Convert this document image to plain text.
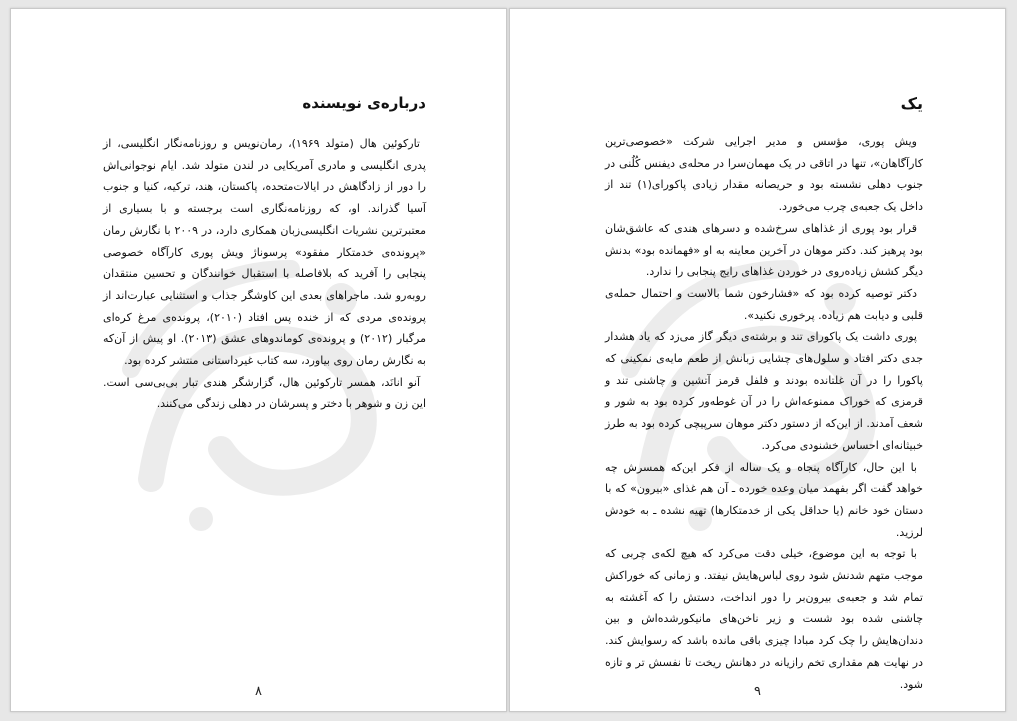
درباره‌ی نویسنده

تارکوئین هال (متولد ۱۹۶۹)، رمان‌نویس و روزنامه‌نگار انگلیسی، از پدری انگلیسی و مادری آمریکایی در لندن متولد شد. ایام نوجوانی‌اش را دور از زادگاهش در ایالات‌متحده، پاکستان، هند، ترکیه، کنیا و جنوب آسیا گذراند. او، که روزنامه‌نگاری است برجسته و با بسیاری از معتبرترین نشریات انگلیسی‌زبان همکاری دارد، در ۲۰۰۹ با نگارش رمان «پرونده‌ی خدمتکار مفقود» پرسوناژ ویش پوری کارآگاه خصوصی پنجابی را آفرید که بلافاصله با استقبال خوانندگان و تحسین منتقدان روبه‌رو شد. ماجراهای بعدی این کاوشگر جذاب و استثنایی عبارت‌اند از پرونده‌ی مردی که از خنده پس افتاد (۲۰۱۰)، پرونده‌ی مرغ کره‌ای مرگبار (۲۰۱۲) و پرونده‌ی کوماندوهای عشق (۲۰۱۳). او پیش از آن‌که به نگارش رمان روی بیاورد، سه کتاب غیرداستانی منتشر کرده بود.

آنو انانَد، همسر تارکوئین هال، گزارشگر هندی تبار بی‌بی‌سی است. این زن و شوهر با دختر و پسرشان در دهلی زندگی می‌کنند.

۸
یک

ویش پوری، مؤسس و مدیر اجرایی شرکت «خصوصی‌ترین کارآگاهان»، تنها در اتاقی در یک مهمان‌سرا در محله‌ی دیفنس کُلُنی در جنوب دهلی نشسته بود و حریصانه مقدار زیادی پاکورای(۱) تند از داخل یک جعبه‌ی چرب می‌خورد.

قرار بود پوری از غذاهای سرخ‌شده و دسرهای هندی که عاشق‌شان بود پرهیز کند. دکتر موهان در آخرین معاینه به او «فهمانده بود» بدنش دیگر کشش زیاده‌روی در خوردن غذاهای رایج پنجابی را ندارد.

دکتر توصیه کرده بود که «فشارخون شما بالاست و احتمال حمله‌ی قلبی و دیابت هم زیاده. پرخوری نکنید».

پوری داشت یک پاکورای تند و برشته‌ی دیگر گاز می‌زد که یاد هشدار جدی دکتر افتاد و سلول‌های چشایی زبانش از طعم مایه‌ی نمکینی که پاکورا را در آن غلتانده بودند و فلفل قرمز آتشین و چاشنی تند و قرمزی که خوراک ممنوعه‌اش را در آن غوطه‌ور کرده بود به شور و شعف آمدند. از این‌که از دستور دکتر موهان سرپیچی کرده بود به طرز خبیثانه‌ای احساس خشنودی می‌کرد.

با این حال، کارآگاه پنجاه و یک ساله از فکر این‌که همسرش چه خواهد گفت اگر بفهمد میان وعده خورده ـ آن هم غذای «بیرون» که با دستان خود خانم (یا حداقل یکی از خدمتکارها) تهیه نشده ـ به خودش لرزید.

با توجه به این موضوع، خیلی دقت می‌کرد که هیچ لکه‌ی چربی که موجب متهم شدنش شود روی لباس‌هایش نیفتد. و زمانی که خوراکش تمام شد و جعبه‌ی بیرون‌بر را دور انداخت، دستش را که آغشته به چاشنی شده بود شست و زیر ناخن‌های مانیکورشده‌اش و بین دندان‌هایش را چک کرد مبادا چیزی باقی مانده باشد که رسوایش کند. در نهایت هم مقداری تخم رازیانه در دهانش ریخت تا نفسش تر و تازه شود.

۹
